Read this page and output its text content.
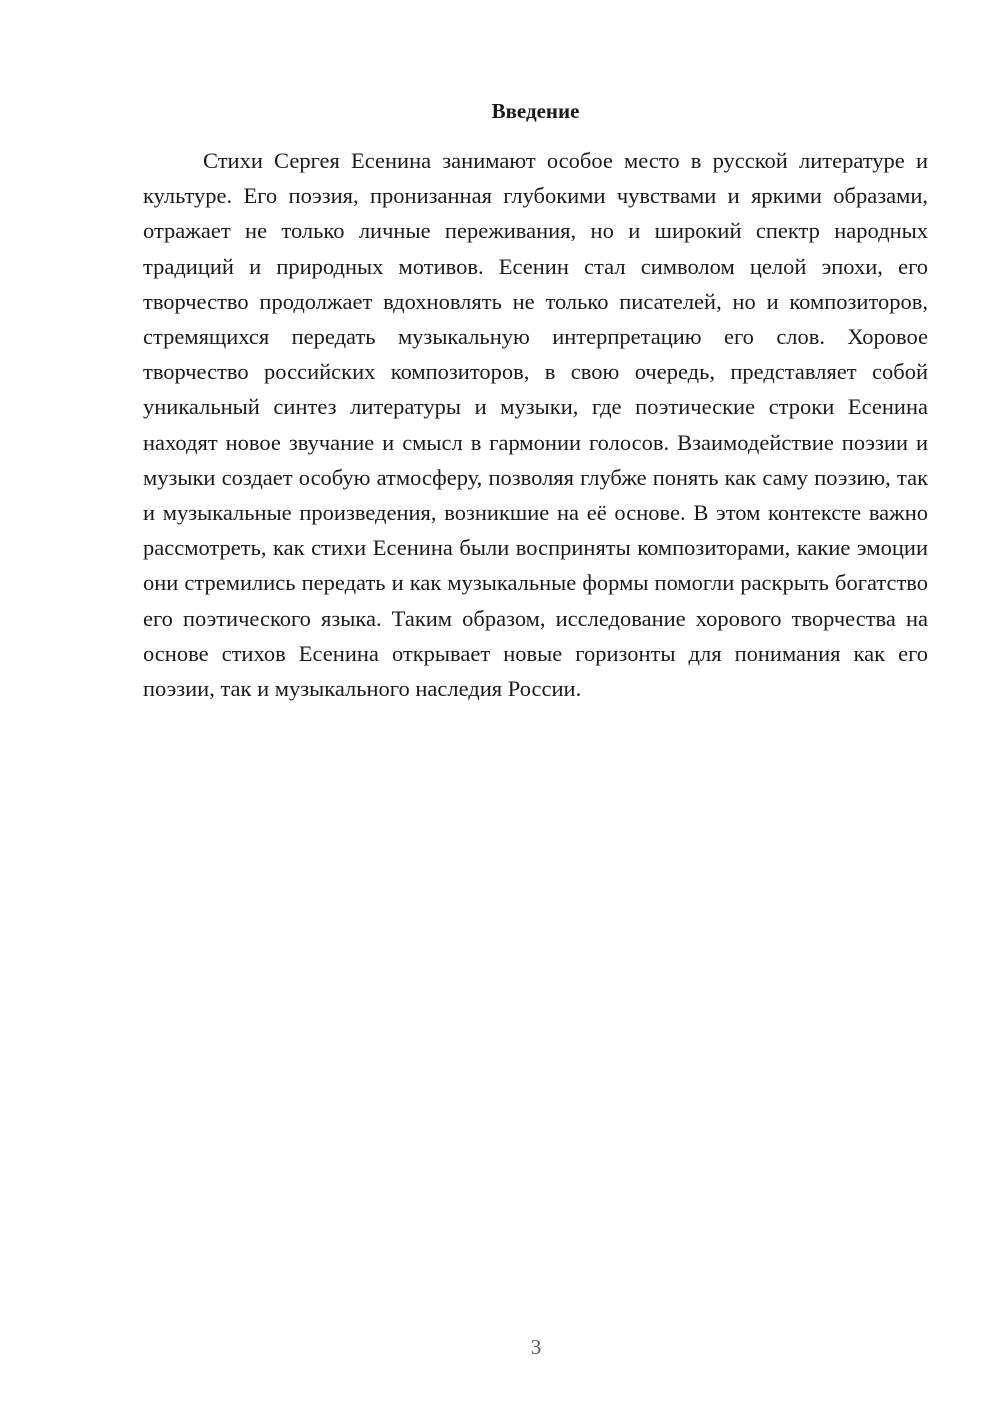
Введение

Стихи Сергея Есенина занимают особое место в русской литературе и культуре. Его поэзия, пронизанная глубокими чувствами и яркими образами, отражает не только личные переживания, но и широкий спектр народных традиций и природных мотивов. Есенин стал символом целой эпохи, его творчество продолжает вдохновлять не только писателей, но и композиторов, стремящихся передать музыкальную интерпретацию его слов. Хоровое творчество российских композиторов, в свою очередь, представляет собой уникальный синтез литературы и музыки, где поэтические строки Есенина находят новое звучание и смысл в гармонии голосов. Взаимодействие поэзии и музыки создает особую атмосферу, позволяя глубже понять как саму поэзию, так и музыкальные произведения, возникшие на её основе. В этом контексте важно рассмотреть, как стихи Есенина были восприняты композиторами, какие эмоции они стремились передать и как музыкальные формы помогли раскрыть богатство его поэтического языка. Таким образом, исследование хорового творчества на основе стихов Есенина открывает новые горизонты для понимания как его поэзии, так и музыкального наследия России.

3
